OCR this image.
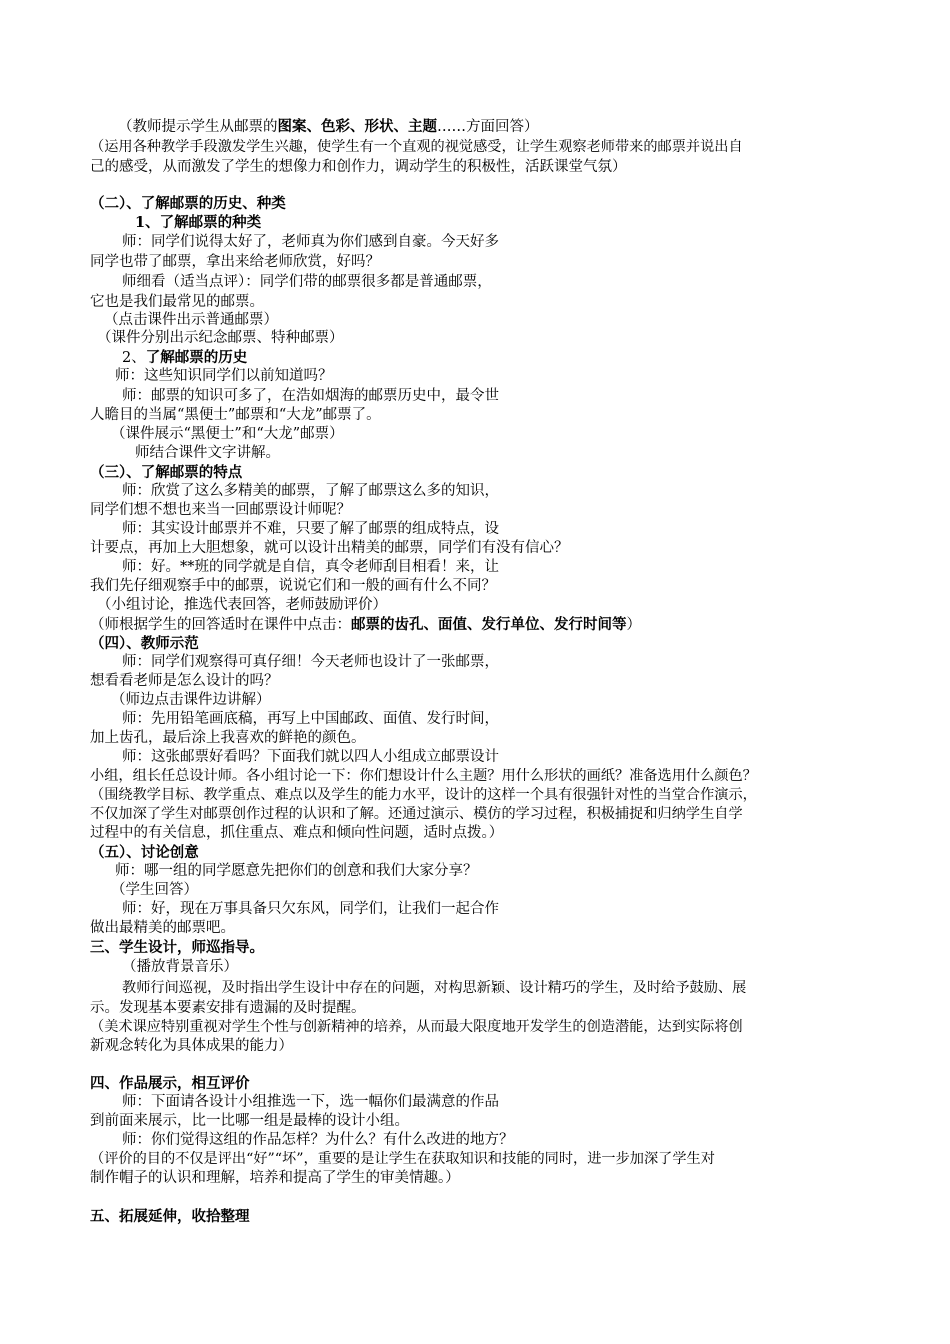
（教师提示学生从邮票的图案、色彩、形状、主题……方面回答）
（运用各种教学手段激发学生兴趣，使学生有一个直观的视觉感受，让学生观察老师带来的邮票并说出自
己的感受，从而激发了学生的想像力和创作力，调动学生的积极性，活跃课堂气氛）
（二）、了解邮票的历史、种类
1、了解邮票的种类
师：同学们说得太好了，老师真为你们感到自豪。今天好多
同学也带了邮票，拿出来给老师欣赏，好吗？
师细看（适当点评）：同学们带的邮票很多都是普通邮票，
它也是我们最常见的邮票。
（点击课件出示普通邮票）
（课件分别出示纪念邮票、特种邮票）
2、了解邮票的历史
师：这些知识同学们以前知道吗？
师：邮票的知识可多了，在浩如烟海的邮票历史中，最令世
人瞻目的当属“黑便士”邮票和“大龙”邮票了。
（课件展示“黑便士”和“大龙”邮票）
师结合课件文字讲解。
（三）、了解邮票的特点
师：欣赏了这么多精美的邮票，了解了邮票这么多的知识，
同学们想不想也来当一回邮票设计师呢？
师：其实设计邮票并不难，只要了解了邮票的组成特点，设
计要点，再加上大胆想象，就可以设计出精美的邮票，同学们有没有信心？
师：好。**班的同学就是自信，真令老师刮目相看！来，让
我们先仔细观察手中的邮票，说说它们和一般的画有什么不同？
（小组讨论，推选代表回答，老师鼓励评价）
（师根据学生的回答适时在课件中点击：邮票的齿孔、面值、发行单位、发行时间等）
（四）、教师示范
师：同学们观察得可真仔细！今天老师也设计了一张邮票，
想看看老师是怎么设计的吗？
（师边点击课件边讲解）
师：先用铅笔画底稿，再写上中国邮政、面值、发行时间，
加上齿孔，最后涂上我喜欢的鲜艳的颜色。
师：这张邮票好看吗？下面我们就以四人小组成立邮票设计
小组，组长任总设计师。各小组讨论一下：你们想设计什么主题？用什么形状的画纸？准备选用什么颜色？
（围绕教学目标、教学重点、难点以及学生的能力水平，设计的这样一个具有很强针对性的当堂合作演示，
不仅加深了学生对邮票创作过程的认识和了解。还通过演示、模仿的学习过程，积极捕捉和归纳学生自学
过程中的有关信息，抓住重点、难点和倾向性问题，适时点拨。）
（五）、讨论创意
师：哪一组的同学愿意先把你们的创意和我们大家分享？
（学生回答）
师：好，现在万事具备只欠东风，同学们，让我们一起合作
做出最精美的邮票吧。
三、学生设计，师巡指导。
（播放背景音乐）
教师行间巡视，及时指出学生设计中存在的问题，对构思新颖、设计精巧的学生，及时给予鼓励、展
示。发现基本要素安排有遗漏的及时提醒。
（美术课应特别重视对学生个性与创新精神的培养，从而最大限度地开发学生的创造潜能，达到实际将创
新观念转化为具体成果的能力）
四、作品展示，相互评价
师：下面请各设计小组推选一下，选一幅你们最满意的作品
到前面来展示，比一比哪一组是最棒的设计小组。
师：你们觉得这组的作品怎样？为什么？有什么改进的地方？
（评价的目的不仅是评出“好”“坏”，重要的是让学生在获取知识和技能的同时，进一步加深了学生对
制作帽子的认识和理解，培养和提高了学生的审美情趣。）
五、拓展延伸，收拾整理
